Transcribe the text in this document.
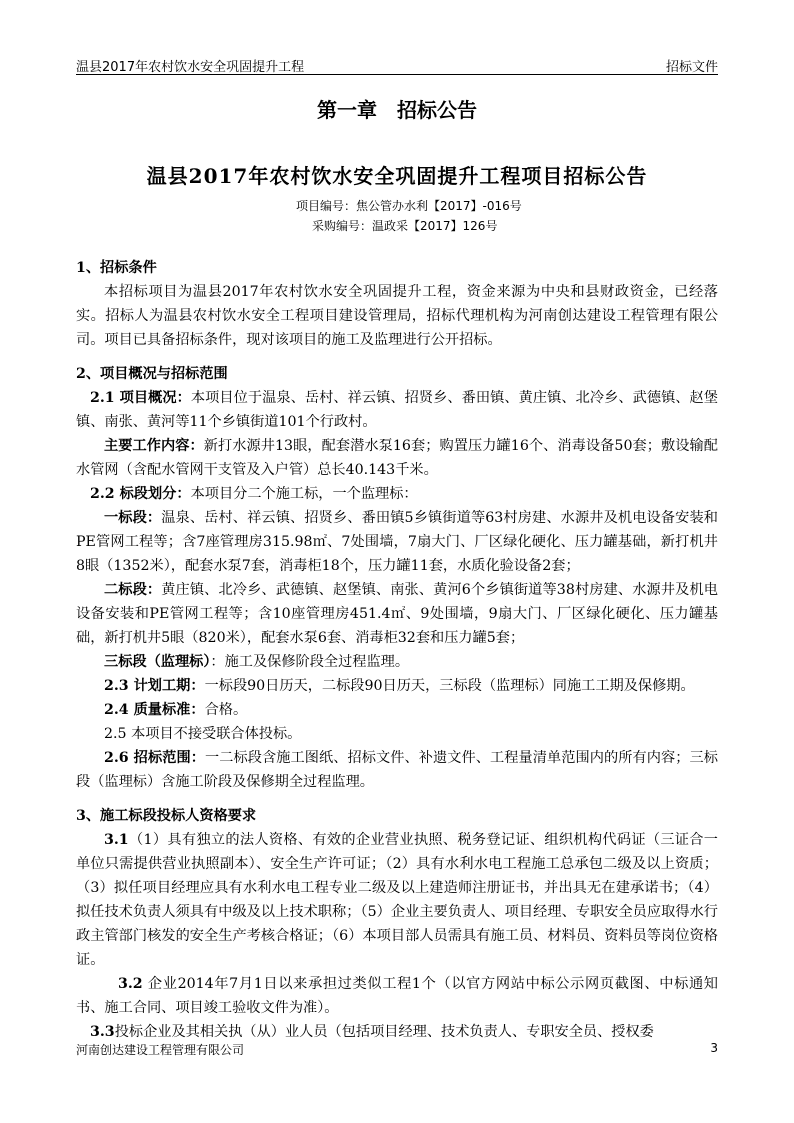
温县2017年农村饮水安全巩固提升工程	招标文件
第一章　招标公告
温县2017年农村饮水安全巩固提升工程项目招标公告
项目编号：焦公管办水利【2017】-016号
采购编号：温政采【2017】126号

1、招标条件

本招标项目为温县2017年农村饮水安全巩固提升工程，资金来源为中央和县财政资金，已经落实。招标人为温县农村饮水安全工程项目建设管理局，招标代理机构为河南创达建设工程管理有限公司。项目已具备招标条件，现对该项目的施工及监理进行公开招标。

2、项目概况与招标范围

2.1 项目概况：本项目位于温泉、岳村、祥云镇、招贤乡、番田镇、黄庄镇、北冷乡、武德镇、赵堡镇、南张、黄河等11个乡镇街道101个行政村。

主要工作内容：新打水源井13眼，配套潜水泵16套；购置压力罐16个、消毒设备50套；敷设输配水管网（含配水管网干支管及入户管）总长40.143千米。

2.2 标段划分：本项目分二个施工标，一个监理标：

一标段：温泉、岳村、祥云镇、招贤乡、番田镇5乡镇街道等63村房建、水源井及机电设备安装和PE管网工程等；含7座管理房315.98㎡、7处围墙，7扇大门、厂区绿化硬化、压力罐基础，新打机井8眼（1352米），配套水泵7套，消毒柜18个，压力罐11套，水质化验设备2套；

二标段：黄庄镇、北冷乡、武德镇、赵堡镇、南张、黄河6个乡镇街道等38村房建、水源井及机电设备安装和PE管网工程等；含10座管理房451.4㎡、9处围墙，9扇大门、厂区绿化硬化、压力罐基础，新打机井5眼（820米），配套水泵6套、消毒柜32套和压力罐5套；

三标段（监理标）：施工及保修阶段全过程监理。

2.3 计划工期：一标段90日历天，二标段90日历天，三标段（监理标）同施工工期及保修期。

2.4 质量标准：合格。

2.5 本项目不接受联合体投标。

2.6 招标范围：一二标段含施工图纸、招标文件、补遗文件、工程量清单范围内的所有内容；三标段（监理标）含施工阶段及保修期全过程监理。

3、施工标段投标人资格要求

3.1（1）具有独立的法人资格、有效的企业营业执照、税务登记证、组织机构代码证（三证合一单位只需提供营业执照副本）、安全生产许可证；（2）具有水利水电工程施工总承包二级及以上资质；（3）拟任项目经理应具有水利水电工程专业二级及以上建造师注册证书，并出具无在建承诺书；（4）拟任技术负责人须具有中级及以上技术职称；（5）企业主要负责人、项目经理、专职安全员应取得水行政主管部门核发的安全生产考核合格证；（6）本项目部人员需具有施工员、材料员、资料员等岗位资格证。

3.2 企业2014年7月1日以来承担过类似工程1个（以官方网站中标公示网页截图、中标通知书、施工合同、项目竣工验收文件为准）。

3.3投标企业及其相关执（从）业人员（包括项目经理、技术负责人、专职安全员、授权委

河南创达建设工程管理有限公司	3
